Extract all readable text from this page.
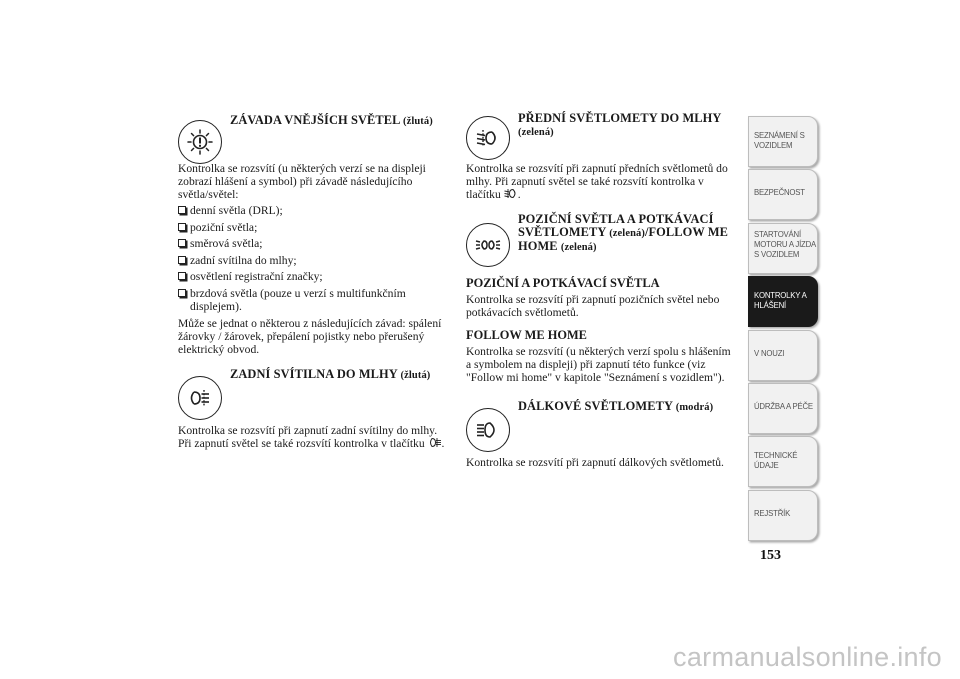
ZÁVADA VNĚJŠÍCH SVĚTEL (žlutá)

Kontrolka se rozsvítí (u některých verzí se na displeji zobrazí hlášení a symbol) při závadě následujícího světla/světel:

denní světla (DRL);
poziční světla;
směrová světla;
zadní svítilna do mlhy;
osvětlení registrační značky;
brzdová světla (pouze u verzí s multifunkčním displejem).

Může se jednat o některou z následujících závad: spálení žárovky / žárovek, přepálení pojistky nebo přerušený elektrický obvod.

ZADNÍ SVÍTILNA DO MLHY (žlutá)

Kontrolka se rozsvítí při zapnutí zadní svítilny do mlhy. Při zapnutí světel se také rozsvítí kontrolka v tlačítku .

PŘEDNÍ SVĚTLOMETY DO MLHY
(zelená)

Kontrolka se rozsvítí při zapnutí předních světlometů do mlhy. Při zapnutí světel se také rozsvítí kontrolka v tlačítku .

POZIČNÍ SVĚTLA A POTKÁVACÍ SVĚTLOMETY (zelená)/FOLLOW ME HOME (zelená)
POZIČNÍ A POTKÁVACÍ SVĚTLA

Kontrolka se rozsvítí při zapnutí pozičních světel nebo potkávacích světlometů.

FOLLOW ME HOME

Kontrolka se rozsvítí (u některých verzí spolu s hlášením a symbolem na displeji) při zapnutí této funkce (viz "Follow mi home" v kapitole "Seznámení s vozidlem").

DÁLKOVÉ SVĚTLOMETY (modrá)

Kontrolka se rozsvítí při zapnutí dálkových světlometů.

SEZNÁMENÍ S VOZIDLEM
BEZPEČNOST
STARTOVÁNÍ MOTORU A JÍZDA S VOZIDLEM
KONTROLKY A HLÁŠENÍ
V NOUZI
ÚDRŽBA A PÉČE
TECHNICKÉ ÚDAJE
REJSTŘÍK
153
carmanualsonline.info
